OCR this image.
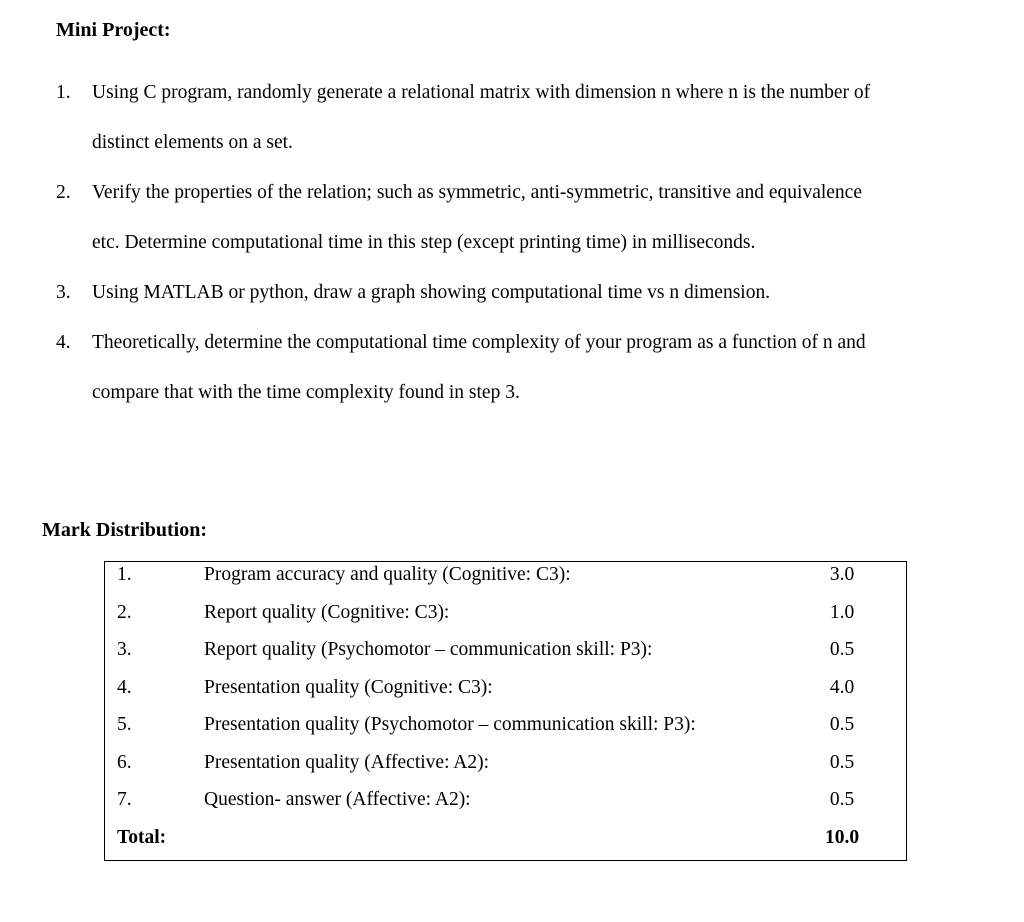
Mini Project:
1. Using C program, randomly generate a relational matrix with dimension n where n is the number of
distinct elements on a set.
2. Verify the properties of the relation; such as symmetric, anti-symmetric, transitive and equivalence
etc. Determine computational time in this step (except printing time) in milliseconds.
3. Using MATLAB or python, draw a graph showing computational time vs n dimension.
4. Theoretically, determine the computational time complexity of your program as a function of n and
compare that with the time complexity found in step 3.
Mark Distribution:
1.	Program accuracy and quality (Cognitive: C3):	3.0
2.	Report quality (Cognitive: C3):	1.0
3.	Report quality (Psychomotor – communication skill: P3):	0.5
4.	Presentation quality (Cognitive: C3):	4.0
5.	Presentation quality (Psychomotor – communication skill: P3):	0.5
6.	Presentation quality (Affective: A2):	0.5
7.	Question- answer (Affective: A2):	0.5
Total:	10.0
